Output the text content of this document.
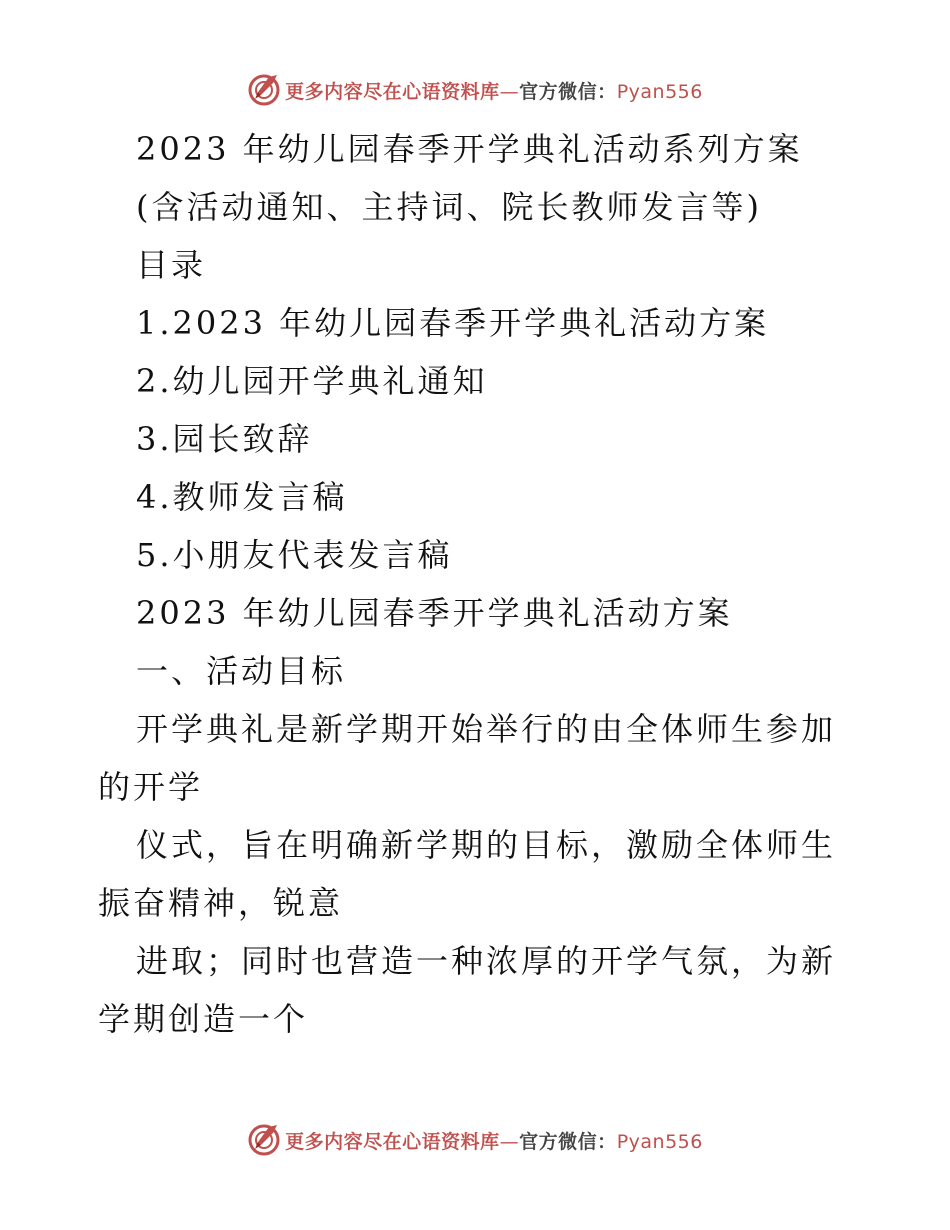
更多内容尽在心语资料库—官方微信：Pyan556

2023 年幼儿园春季开学典礼活动系列方案

(含活动通知、主持词、院长教师发言等)

目录

1.2023 年幼儿园春季开学典礼活动方案

2.幼儿园开学典礼通知

3.园长致辞

4.教师发言稿

5.小朋友代表发言稿

2023 年幼儿园春季开学典礼活动方案

一、活动目标

开学典礼是新学期开始举行的由全体师生参加的开学

仪式，旨在明确新学期的目标，激励全体师生振奋精神，锐意

进取；同时也营造一种浓厚的开学气氛，为新学期创造一个

更多内容尽在心语资料库—官方微信：Pyan556
